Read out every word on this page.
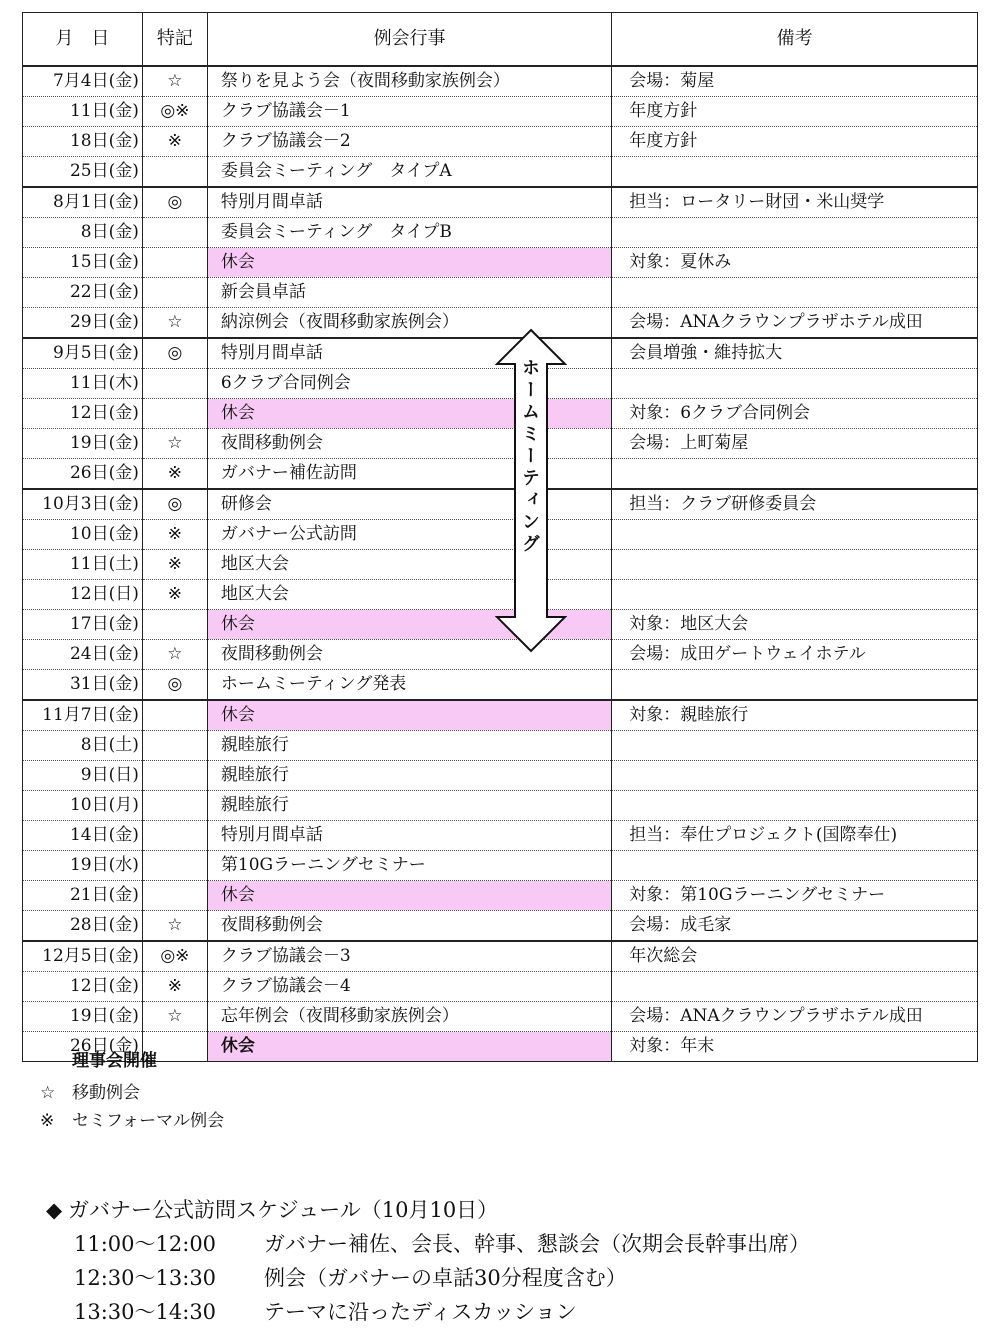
月　日	特記	例会行事	備考
7月4日(金)	☆	祭りを見よう会（夜間移動家族例会）	会場：菊屋
11日(金)	◎※	クラブ協議会－1	年度方針
18日(金)	※	クラブ協議会－2	年度方針
25日(金)		委員会ミーティング　タイプA	
8月1日(金)	◎	特別月間卓話	担当：ロータリー財団・米山奨学
8日(金)		委員会ミーティング　タイプB	
15日(金)		休会	対象：夏休み
22日(金)		新会員卓話	
29日(金)	☆	納涼例会（夜間移動家族例会）	会場：ANAクラウンプラザホテル成田
9月5日(金)	◎	特別月間卓話	会員増強・維持拡大
11日(木)		6クラブ合同例会	
12日(金)		休会	対象：6クラブ合同例会
19日(金)	☆	夜間移動例会	会場：上町菊屋
26日(金)	※	ガバナー補佐訪問	
10月3日(金)	◎	研修会	担当：クラブ研修委員会
10日(金)	※	ガバナー公式訪問	
11日(土)	※	地区大会	
12日(日)	※	地区大会	
17日(金)		休会	対象：地区大会
24日(金)	☆	夜間移動例会	会場：成田ゲートウェイホテル
31日(金)	◎	ホームミーティング発表	
11月7日(金)		休会	対象：親睦旅行
8日(土)		親睦旅行	
9日(日)		親睦旅行	
10日(月)		親睦旅行	
14日(金)		特別月間卓話	担当：奉仕プロジェクト(国際奉仕)
19日(水)		第10Gラーニングセミナー	
21日(金)		休会	対象：第10Gラーニングセミナー
28日(金)	☆	夜間移動例会	会場：成毛家
12月5日(金)	◎※	クラブ協議会－3	年次総会
12日(金)	※	クラブ協議会－4	
19日(金)	☆	忘年例会（夜間移動家族例会）	会場：ANAクラウンプラザホテル成田
26日(金)		休会	対象：年末
ホームミーティング
理事会開催
☆ 移動例会
※ セミフォーマル例会
◆ ガバナー公式訪問スケジュール（10月10日）
11:00～12:00 ガバナー補佐、会長、幹事、懇談会（次期会長幹事出席）
12:30～13:30 例会（ガバナーの卓話30分程度含む）
13:30～14:30 テーマに沿ったディスカッション
